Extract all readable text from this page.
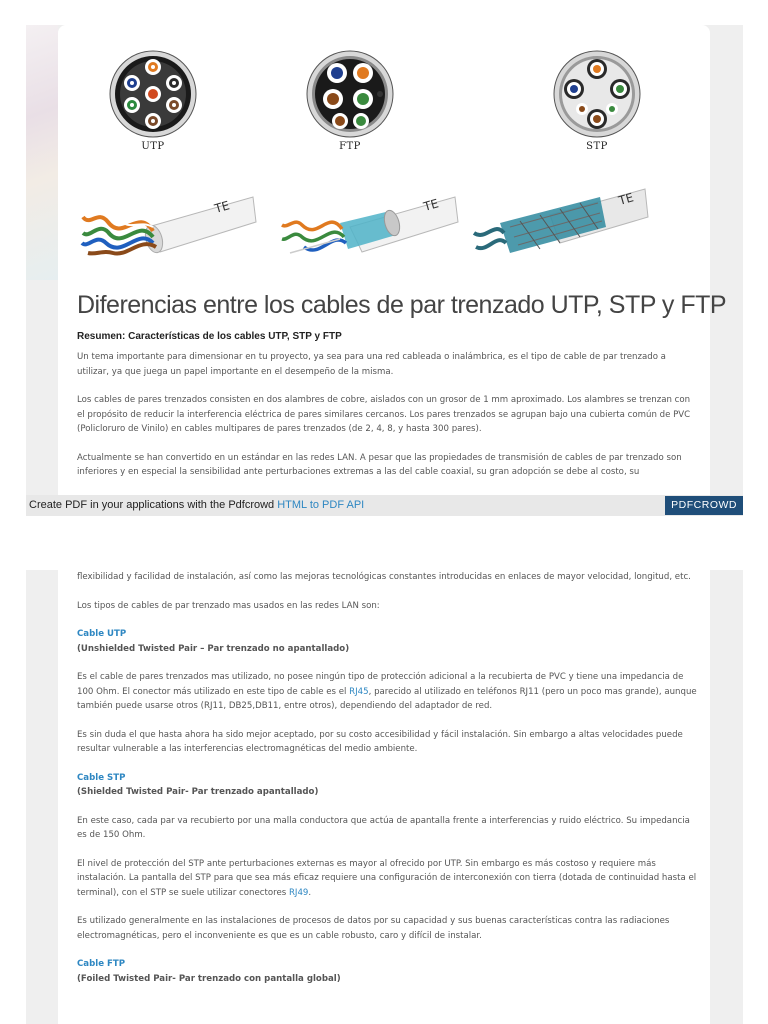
UTP	FTP	STP
TE	TE	TE
Diferencias entre los cables de par trenzado UTP, STP y FTP

Resumen: Características de los cables UTP, STP y FTP

Un tema importante para dimensionar en tu proyecto, ya sea para una red cableada o inalámbrica, es el tipo de cable de par trenzado a utilizar, ya que juega un papel importante en el desempeño de la misma.

Los cables de pares trenzados consisten en dos alambres de cobre, aislados con un grosor de 1 mm aproximado. Los alambres se trenzan con el propósito de reducir la interferencia eléctrica de pares similares cercanos. Los pares trenzados se agrupan bajo una cubierta común de PVC (Policloruro de Vinilo) en cables multipares de pares trenzados (de 2, 4, 8, y hasta 300 pares).

Actualmente se han convertido en un estándar en las redes LAN. A pesar que las propiedades de transmisión de cables de par trenzado son inferiores y en especial la sensibilidad ante perturbaciones extremas a las del cable coaxial, su gran adopción se debe al costo, su

Create PDF in your applications with the Pdfcrowd HTML to PDF API	PDFCROWD

flexibilidad y facilidad de instalación, así como las mejoras tecnológicas constantes introducidas en enlaces de mayor velocidad, longitud, etc.

Los tipos de cables de par trenzado mas usados en las redes LAN son:

Cable UTP
(Unshielded Twisted Pair – Par trenzado no apantallado)

Es el cable de pares trenzados mas utilizado, no posee ningún tipo de protección adicional a la recubierta de PVC y tiene una impedancia de 100 Ohm. El conector más utilizado en este tipo de cable es el RJ45, parecido al utilizado en teléfonos RJ11 (pero un poco mas grande), aunque también puede usarse otros (RJ11, DB25,DB11, entre otros), dependiendo del adaptador de red.

Es sin duda el que hasta ahora ha sido mejor aceptado, por su costo accesibilidad y fácil instalación. Sin embargo a altas velocidades puede resultar vulnerable a las interferencias electromagnéticas del medio ambiente.

Cable STP
(Shielded Twisted Pair- Par trenzado apantallado)

En este caso, cada par va recubierto por una malla conductora que actúa de apantalla frente a interferencias y ruido eléctrico. Su impedancia es de 150 Ohm.

El nivel de protección del STP ante perturbaciones externas es mayor al ofrecido por UTP. Sin embargo es más costoso y requiere más instalación. La pantalla del STP para que sea más eficaz requiere una configuración de interconexión con tierra (dotada de continuidad hasta el terminal), con el STP se suele utilizar conectores RJ49.

Es utilizado generalmente en las instalaciones de procesos de datos por su capacidad y sus buenas características contra las radiaciones electromagnéticas, pero el inconveniente es que es un cable robusto, caro y difícil de instalar.

Cable FTP
(Foiled Twisted Pair- Par trenzado con pantalla global)
